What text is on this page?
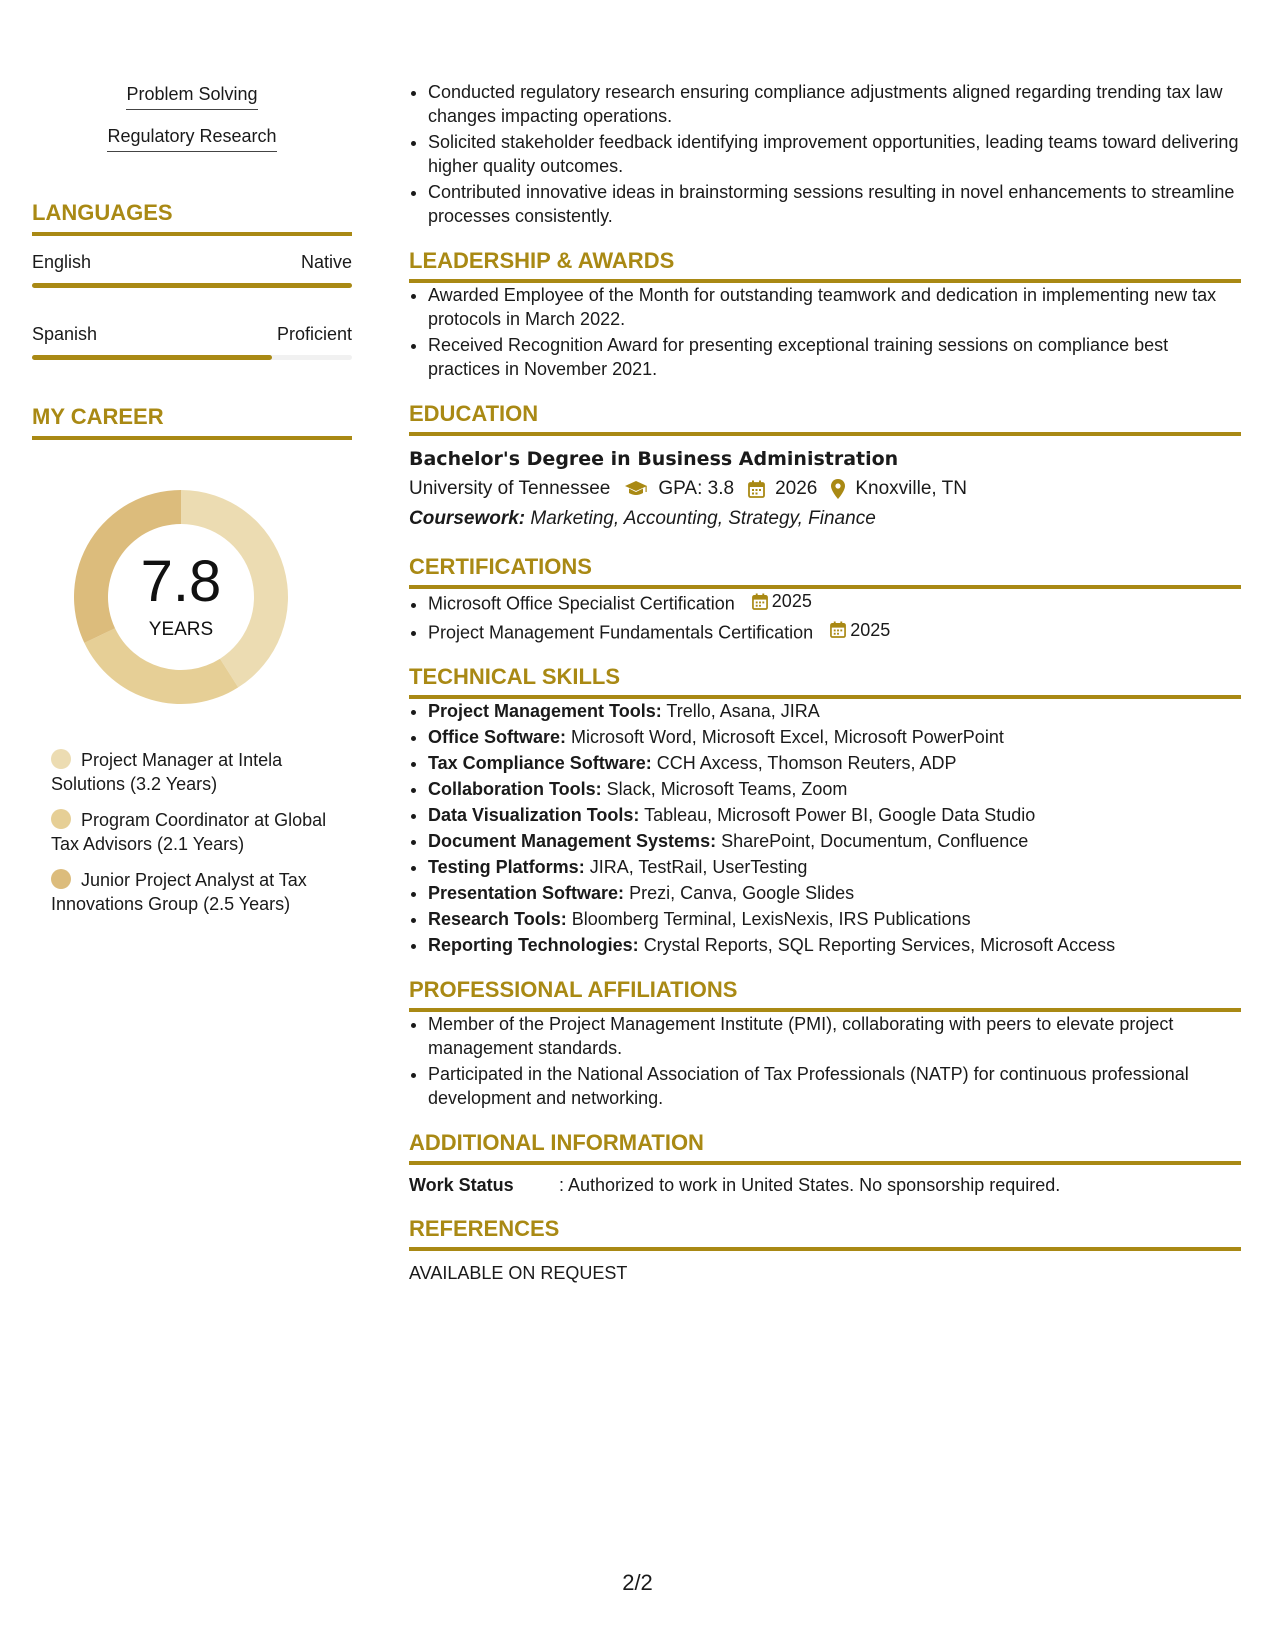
Problem Solving
Regulatory Research
LANGUAGES
English	Native
Spanish	Proficient
MY CAREER
7.8
YEARS
Project Manager at Intela Solutions (3.2 Years)
Program Coordinator at Global Tax Advisors (2.1 Years)
Junior Project Analyst at Tax Innovations Group (2.5 Years)
• Conducted regulatory research ensuring compliance adjustments aligned regarding trending tax law changes impacting operations.
• Solicited stakeholder feedback identifying improvement opportunities, leading teams toward delivering higher quality outcomes.
• Contributed innovative ideas in brainstorming sessions resulting in novel enhancements to streamline processes consistently.
LEADERSHIP & AWARDS
• Awarded Employee of the Month for outstanding teamwork and dedication in implementing new tax protocols in March 2022.
• Received Recognition Award for presenting exceptional training sessions on compliance best practices in November 2021.
EDUCATION
Bachelor's Degree in Business Administration
University of Tennessee	GPA: 3.8 2026 Knoxville, TN
Coursework: Marketing, Accounting, Strategy, Finance
CERTIFICATIONS
• Microsoft Office Specialist Certification 2025
• Project Management Fundamentals Certification 2025
TECHNICAL SKILLS
• Project Management Tools: Trello, Asana, JIRA
• Office Software: Microsoft Word, Microsoft Excel, Microsoft PowerPoint
• Tax Compliance Software: CCH Axcess, Thomson Reuters, ADP
• Collaboration Tools: Slack, Microsoft Teams, Zoom
• Data Visualization Tools: Tableau, Microsoft Power BI, Google Data Studio
• Document Management Systems: SharePoint, Documentum, Confluence
• Testing Platforms: JIRA, TestRail, UserTesting
• Presentation Software: Prezi, Canva, Google Slides
• Research Tools: Bloomberg Terminal, LexisNexis, IRS Publications
• Reporting Technologies: Crystal Reports, SQL Reporting Services, Microsoft Access
PROFESSIONAL AFFILIATIONS
• Member of the Project Management Institute (PMI), collaborating with peers to elevate project management standards.
• Participated in the National Association of Tax Professionals (NATP) for continuous professional development and networking.
ADDITIONAL INFORMATION
Work Status	: Authorized to work in United States. No sponsorship required.
REFERENCES
AVAILABLE ON REQUEST
2/2
